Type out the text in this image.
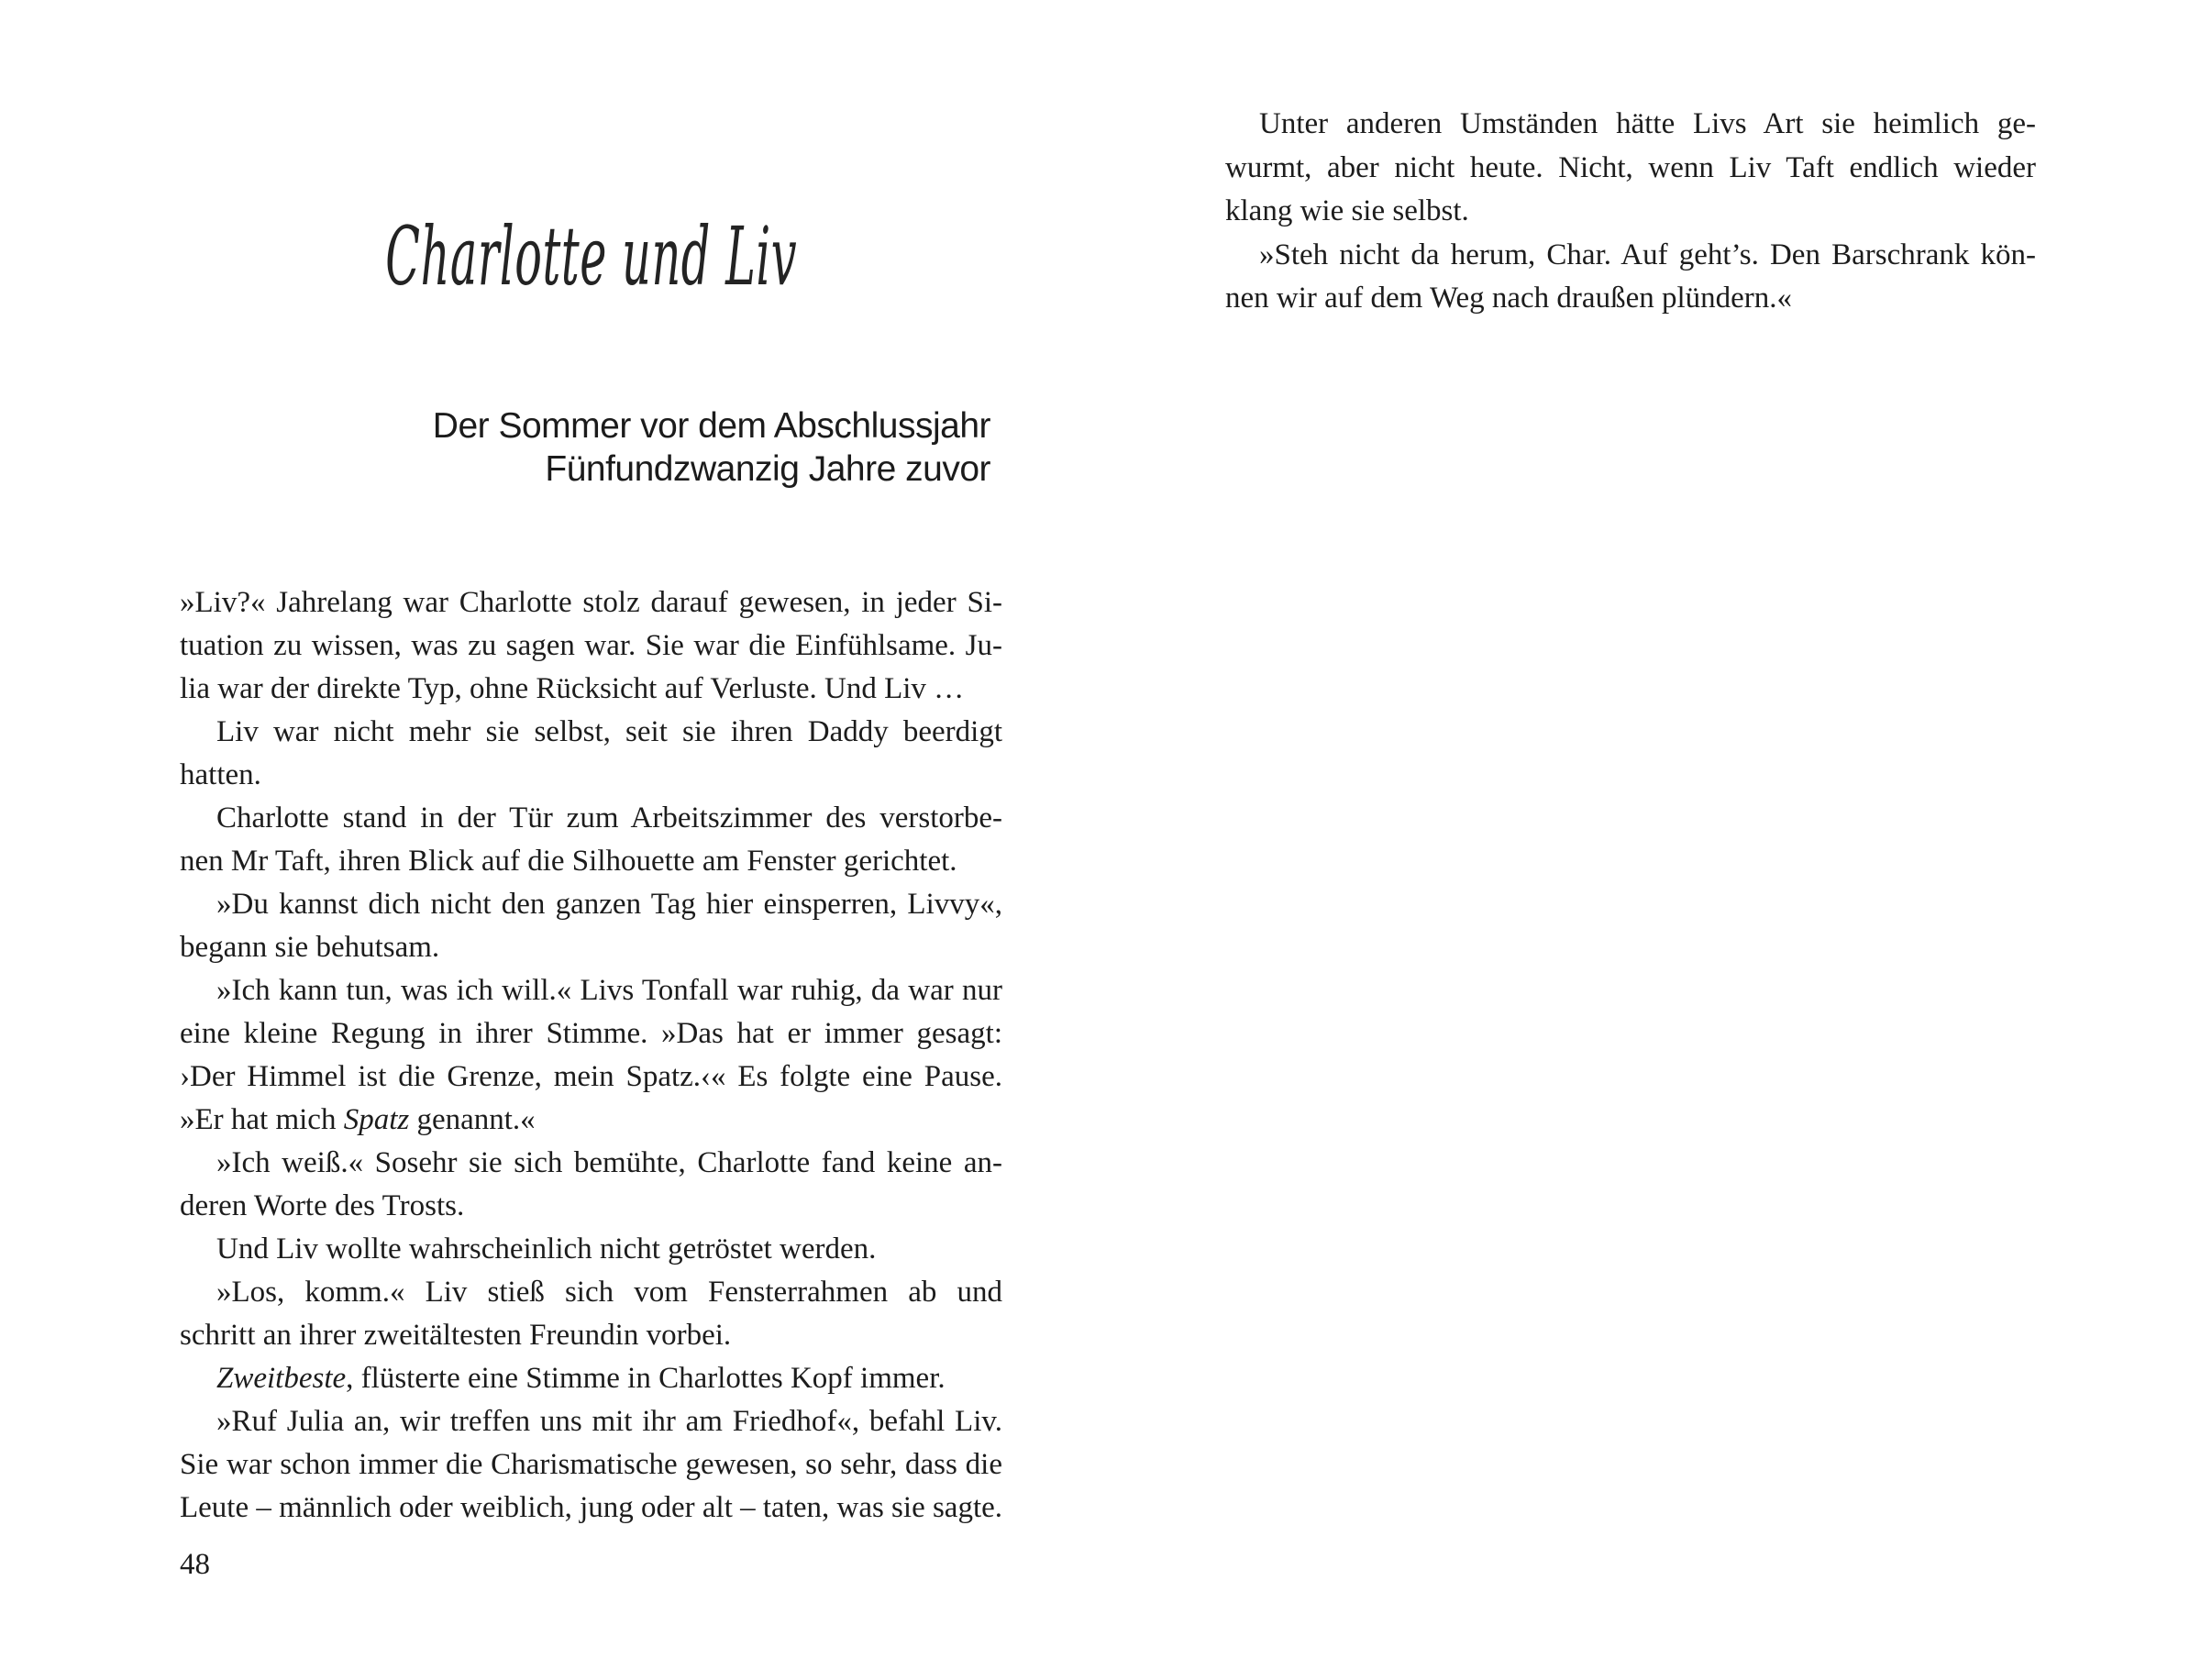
Charlotte und Liv
Der Sommer vor dem Abschlussjahr
Fünfundzwanzig Jahre zuvor
»Liv?« Jahrelang war Charlotte stolz darauf gewesen, in jeder Si-
tuation zu wissen, was zu sagen war. Sie war die Einfühlsame. Ju-
lia war der direkte Typ, ohne Rücksicht auf Verluste. Und Liv …
Liv war nicht mehr sie selbst, seit sie ihren Daddy beerdigt
hatten.
Charlotte stand in der Tür zum Arbeitszimmer des verstorbe-
nen Mr Taft, ihren Blick auf die Silhouette am Fenster gerichtet.
»Du kannst dich nicht den ganzen Tag hier einsperren, Livvy«,
begann sie behutsam.
»Ich kann tun, was ich will.« Livs Tonfall war ruhig, da war nur
eine kleine Regung in ihrer Stimme. »Das hat er immer gesagt:
›Der Himmel ist die Grenze, mein Spatz.‹« Es folgte eine Pause.
»Er hat mich Spatz genannt.«
»Ich weiß.« Sosehr sie sich bemühte, Charlotte fand keine an-
deren Worte des Trosts.
Und Liv wollte wahrscheinlich nicht getröstet werden.
»Los, komm.« Liv stieß sich vom Fensterrahmen ab und
schritt an ihrer zweitältesten Freundin vorbei.
Zweitbeste, flüsterte eine Stimme in Charlottes Kopf immer.
»Ruf Julia an, wir treffen uns mit ihr am Friedhof«, befahl Liv.
Sie war schon immer die Charismatische gewesen, so sehr, dass die
Leute – männlich oder weiblich, jung oder alt – taten, was sie sagte.
48
Unter anderen Umständen hätte Livs Art sie heimlich ge-
wurmt, aber nicht heute. Nicht, wenn Liv Taft endlich wieder
klang wie sie selbst.
»Steh nicht da herum, Char. Auf geht’s. Den Barschrank kön-
nen wir auf dem Weg nach draußen plündern.«
